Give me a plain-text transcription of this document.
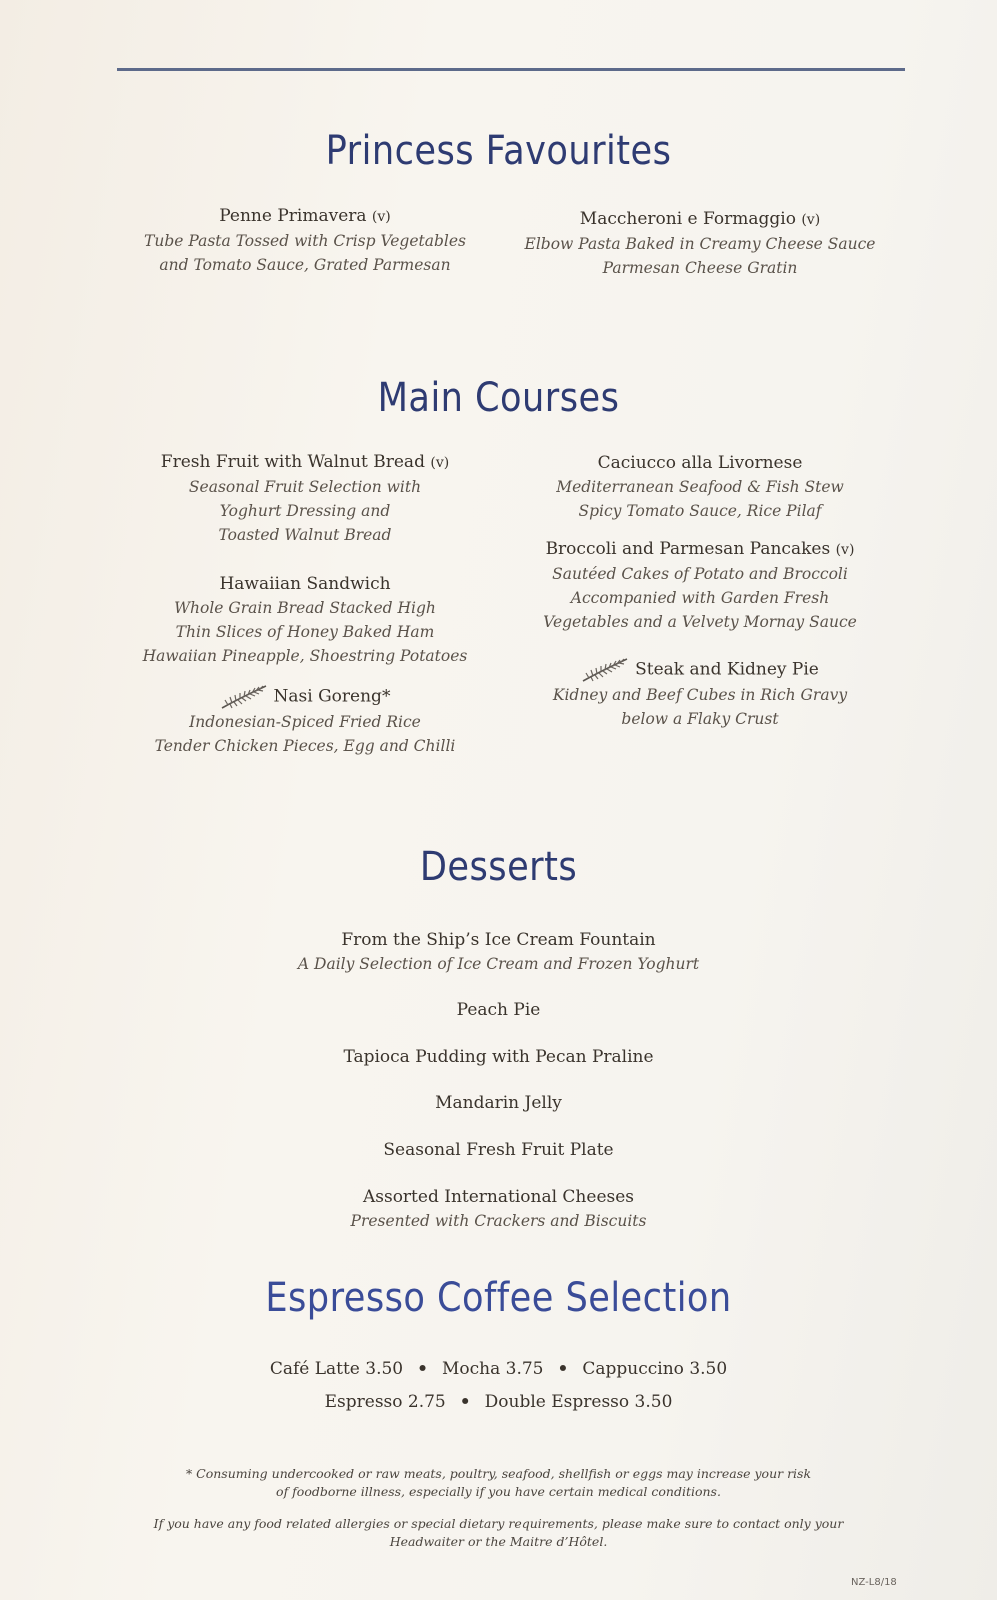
Princess Favourites
Penne Primavera (v)
Tube Pasta Tossed with Crisp Vegetables
and Tomato Sauce, Grated Parmesan
Maccheroni e Formaggio (v)
Elbow Pasta Baked in Creamy Cheese Sauce
Parmesan Cheese Gratin
Main Courses
Fresh Fruit with Walnut Bread (v)
Seasonal Fruit Selection with
Yoghurt Dressing and
Toasted Walnut Bread
Hawaiian Sandwich
Whole Grain Bread Stacked High
Thin Slices of Honey Baked Ham
Hawaiian Pineapple, Shoestring Potatoes
Nasi Goreng*
Indonesian-Spiced Fried Rice
Tender Chicken Pieces, Egg and Chilli
Caciucco alla Livornese
Mediterranean Seafood & Fish Stew
Spicy Tomato Sauce, Rice Pilaf
Broccoli and Parmesan Pancakes (v)
Sautéed Cakes of Potato and Broccoli
Accompanied with Garden Fresh
Vegetables and a Velvety Mornay Sauce
Steak and Kidney Pie
Kidney and Beef Cubes in Rich Gravy
below a Flaky Crust
Desserts
From the Ship’s Ice Cream Fountain
A Daily Selection of Ice Cream and Frozen Yoghurt
Peach Pie
Tapioca Pudding with Pecan Praline
Mandarin Jelly
Seasonal Fresh Fruit Plate
Assorted International Cheeses
Presented with Crackers and Biscuits
Espresso Coffee Selection
Café Latte 3.50 • Mocha 3.75 • Cappuccino 3.50
Espresso 2.75 • Double Espresso 3.50
* Consuming undercooked or raw meats, poultry, seafood, shellfish or eggs may increase your risk
of foodborne illness, especially if you have certain medical conditions.
If you have any food related allergies or special dietary requirements, please make sure to contact only your
Headwaiter or the Maitre d’Hôtel.
NZ-L8/18
